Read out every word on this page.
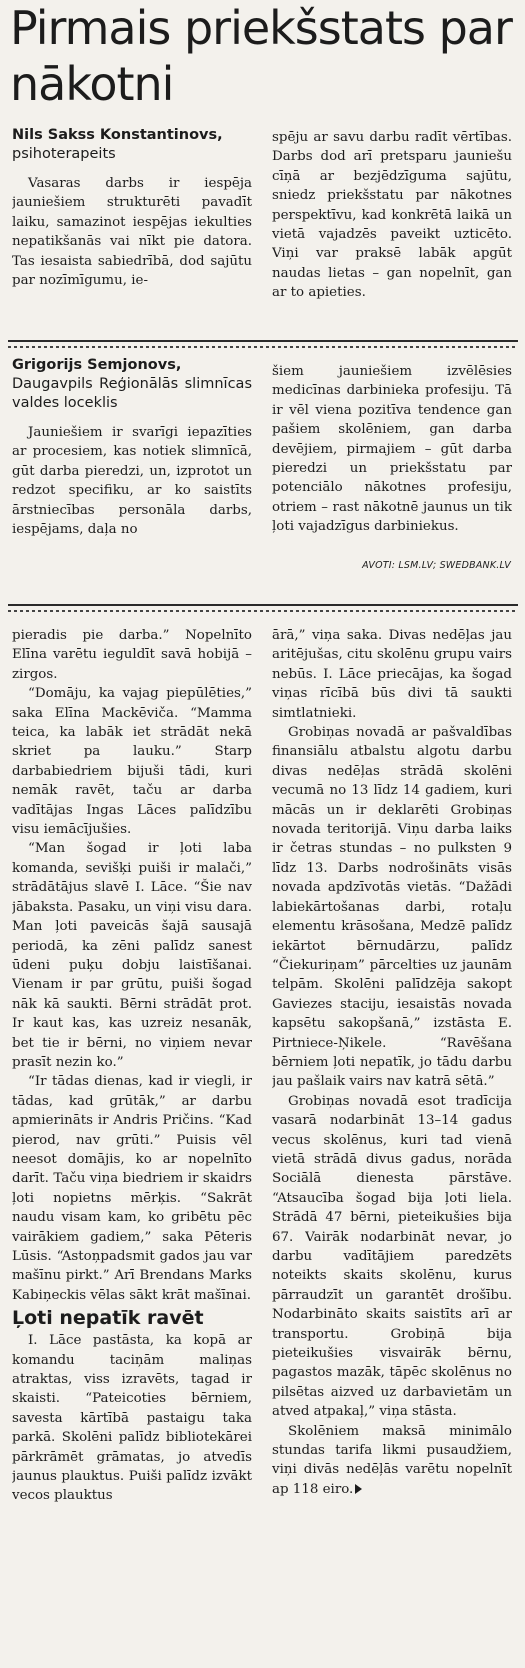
Pirmais priekšstats par nākotni
Nils Sakss Konstantinovs,
psihoterapeits

Vasaras darbs ir iespēja jauniešiem strukturēti pavadīt laiku, samazinot iespējas iekulties nepatikšanās vai nīkt pie datora. Tas iesaista sabiedrībā, dod sajūtu par nozīmīgumu, ie-

spēju ar savu darbu radīt vērtības. Darbs dod arī pretsparu jauniešu cīņā ar bezjēdzīguma sajūtu, sniedz priekšstatu par nākotnes perspektīvu, kad konkrētā laikā un vietā vajadzēs paveikt uzticēto. Viņi var praksē labāk apgūt naudas lietas – gan nopelnīt, gan ar to apieties.

Grigorijs Semjonovs,
Daugavpils Reģionālās slimnīcas valdes loceklis

Jauniešiem ir svarīgi iepazīties ar procesiem, kas notiek slimnīcā, gūt darba pieredzi, un, izprotot un redzot specifiku, ar ko saistīts ārstniecības personāla darbs, iespējams, daļa no

šiem jauniešiem izvēlēsies medicīnas darbinieka profesiju. Tā ir vēl viena pozitīva tendence gan pašiem skolēniem, gan darba devējiem, pirmajiem – gūt darba pieredzi un priekšstatu par potenciālo nākotnes profesiju, otriem – rast nākotnē jaunus un tik ļoti vajadzīgus darbiniekus.

AVOTI: LSM.LV; SWEDBANK.LV

pieradis pie darba.” Nopelnīto Elīna varētu ieguldīt savā hobijā – zirgos.

“Domāju, ka vajag piepūlēties,” saka Elīna Mackēviča. “Mamma teica, ka labāk iet strādāt nekā skriet pa lauku.” Starp darbabiedriem bijuši tādi, kuri nemāk ravēt, taču ar darba vadītājas Ingas Lāces palīdzību visu iemācījušies.

“Man šogad ir ļoti laba komanda, sevišķi puiši ir malači,” strādātājus slavē I. Lāce. “Šie nav jābaksta. Pasaku, un viņi visu dara. Man ļoti paveicās šajā sausajā periodā, ka zēni palīdz sanest ūdeni puķu dobju laistīšanai. Vienam ir par grūtu, puiši šogad nāk kā saukti. Bērni strādāt prot. Ir kaut kas, kas uzreiz nesanāk, bet tie ir bērni, no viņiem nevar prasīt nezin ko.”

“Ir tādas dienas, kad ir viegli, ir tādas, kad grūtāk,” ar darbu apmierināts ir Andris Pričins. “Kad pierod, nav grūti.” Puisis vēl neesot domājis, ko ar nopelnīto darīt. Taču viņa biedriem ir skaidrs ļoti nopietns mērķis. “Sakrāt naudu visam kam, ko gribētu pēc vairākiem gadiem,” saka Pēteris Lūsis. “Astoņpadsmit gados jau var mašīnu pirkt.” Arī Brendans Marks Kabiņeckis vēlas sākt krāt mašīnai.

Ļoti nepatīk ravēt

I. Lāce pastāsta, ka kopā ar komandu taciņām maliņas atraktas, viss izravēts, tagad ir skaisti. “Pateicoties bērniem, savesta kārtībā pastaigu taka parkā. Skolēni palīdz bibliotekārei pārkrāmēt grāmatas, jo atvedīs jaunus plauktus. Puiši palīdz izvākt vecos plauktus

ārā,” viņa saka. Divas nedēļas jau aritējušas, citu skolēnu grupu vairs nebūs. I. Lāce priecājas, ka šogad viņas rīcībā būs divi tā saukti simtlatnieki.

Grobiņas novadā ar pašvaldības finansiālu atbalstu algotu darbu divas nedēļas strādā skolēni vecumā no 13 līdz 14 gadiem, kuri mācās un ir deklarēti Grobiņas novada teritorijā. Viņu darba laiks ir četras stundas – no pulksten 9 līdz 13. Darbs nodrošināts visās novada apdzīvotās vietās. “Dažādi labiekārtošanas darbi, rotaļu elementu krāsošana, Medzē palīdz iekārtot bērnudārzu, palīdz “Čiekuriņam” pārcelties uz jaunām telpām. Skolēni palīdzēja sakopt Gaviezes staciju, iesaistās novada kapsētu sakopšanā,” izstāsta E. Pirtniece-Ņikele. “Ravēšana bērniem ļoti nepatīk, jo tādu darbu jau pašlaik vairs nav katrā sētā.”

Grobiņas novadā esot tradīcija vasarā nodarbināt 13–14 gadus vecus skolēnus, kuri tad vienā vietā strādā divus gadus, norāda Sociālā dienesta pārstāve. “Atsaucība šogad bija ļoti liela. Strādā 47 bērni, pieteikušies bija 67. Vairāk nodarbināt nevar, jo darbu vadītājiem paredzēts noteikts skaits skolēnu, kurus pārraudzīt un garantēt drošību. Nodarbināto skaits saistīts arī ar transportu. Grobiņā bija pieteikušies visvairāk bērnu, pagastos mazāk, tāpēc skolēnus no pilsētas aizved uz darbavietām un atved atpakaļ,” viņa stāsta.

Skolēniem maksā minimālo stundas tarifa likmi pusaudžiem, viņi divās nedēļās varētu nopelnīt ap 118 eiro.
